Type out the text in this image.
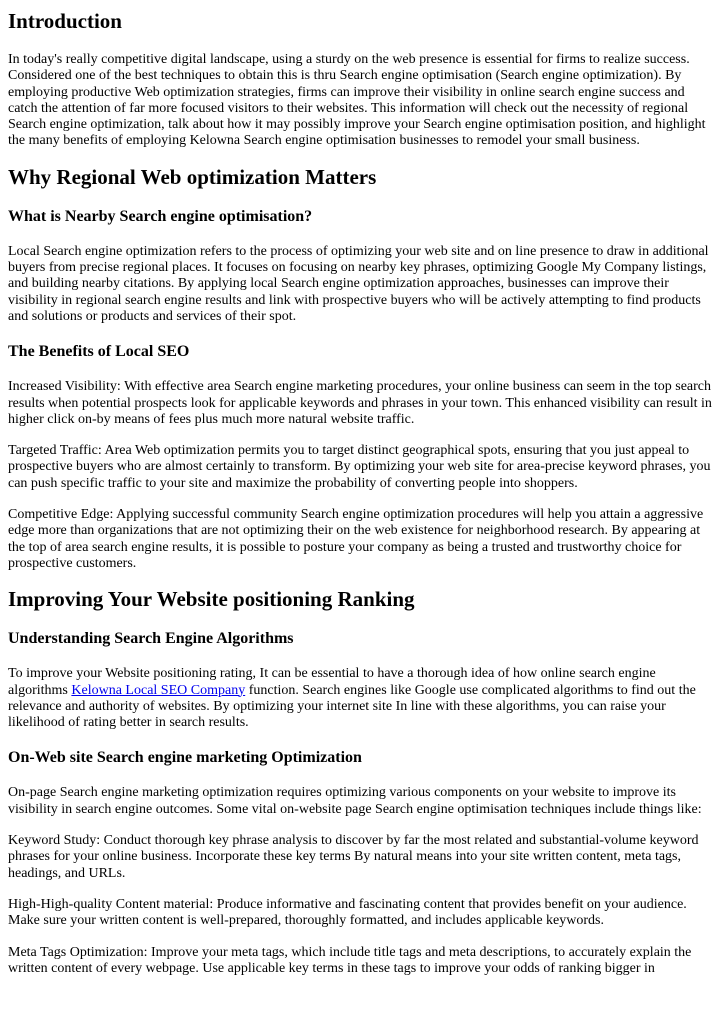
Introduction

In today's really competitive digital landscape, using a sturdy on the web presence is essential for firms to realize success. Considered one of the best techniques to obtain this is thru Search engine optimisation (Search engine optimization). By employing productive Web optimization strategies, firms can improve their visibility in online search engine success and catch the attention of far more focused visitors to their websites. This information will check out the necessity of regional Search engine optimization, talk about how it may possibly improve your Search engine optimisation position, and highlight the many benefits of employing Kelowna Search engine optimisation businesses to remodel your small business.

Why Regional Web optimization Matters
What is Nearby Search engine optimisation?

Local Search engine optimization refers to the process of optimizing your web site and on line presence to draw in additional buyers from precise regional places. It focuses on focusing on nearby key phrases, optimizing Google My Company listings, and building nearby citations. By applying local Search engine optimization approaches, businesses can improve their visibility in regional search engine results and link with prospective buyers who will be actively attempting to find products and solutions or products and services of their spot.

The Benefits of Local SEO

Increased Visibility: With effective area Search engine marketing procedures, your online business can seem in the top search results when potential prospects look for applicable keywords and phrases in your town. This enhanced visibility can result in higher click on-by means of fees plus much more natural website traffic.

Targeted Traffic: Area Web optimization permits you to target distinct geographical spots, ensuring that you just appeal to prospective buyers who are almost certainly to transform. By optimizing your web site for area-precise keyword phrases, you can push specific traffic to your site and maximize the probability of converting people into shoppers.

Competitive Edge: Applying successful community Search engine optimization procedures will help you attain a aggressive edge more than organizations that are not optimizing their on the web existence for neighborhood research. By appearing at the top of area search engine results, it is possible to posture your company as being a trusted and trustworthy choice for prospective customers.

Improving Your Website positioning Ranking
Understanding Search Engine Algorithms

To improve your Website positioning rating, It can be essential to have a thorough idea of how online search engine algorithms Kelowna Local SEO Company function. Search engines like Google use complicated algorithms to find out the relevance and authority of websites. By optimizing your internet site In line with these algorithms, you can raise your likelihood of rating better in search results.

On-Web site Search engine marketing Optimization

On-page Search engine marketing optimization requires optimizing various components on your website to improve its visibility in search engine outcomes. Some vital on-website page Search engine optimisation techniques include things like:

Keyword Study: Conduct thorough key phrase analysis to discover by far the most related and substantial-volume keyword phrases for your online business. Incorporate these key terms By natural means into your site written content, meta tags, headings, and URLs.

High-High-quality Content material: Produce informative and fascinating content that provides benefit on your audience. Make sure your written content is well-prepared, thoroughly formatted, and includes applicable keywords.

Meta Tags Optimization: Improve your meta tags, which include title tags and meta descriptions, to accurately explain the written content of every webpage. Use applicable key terms in these tags to improve your odds of ranking bigger in
